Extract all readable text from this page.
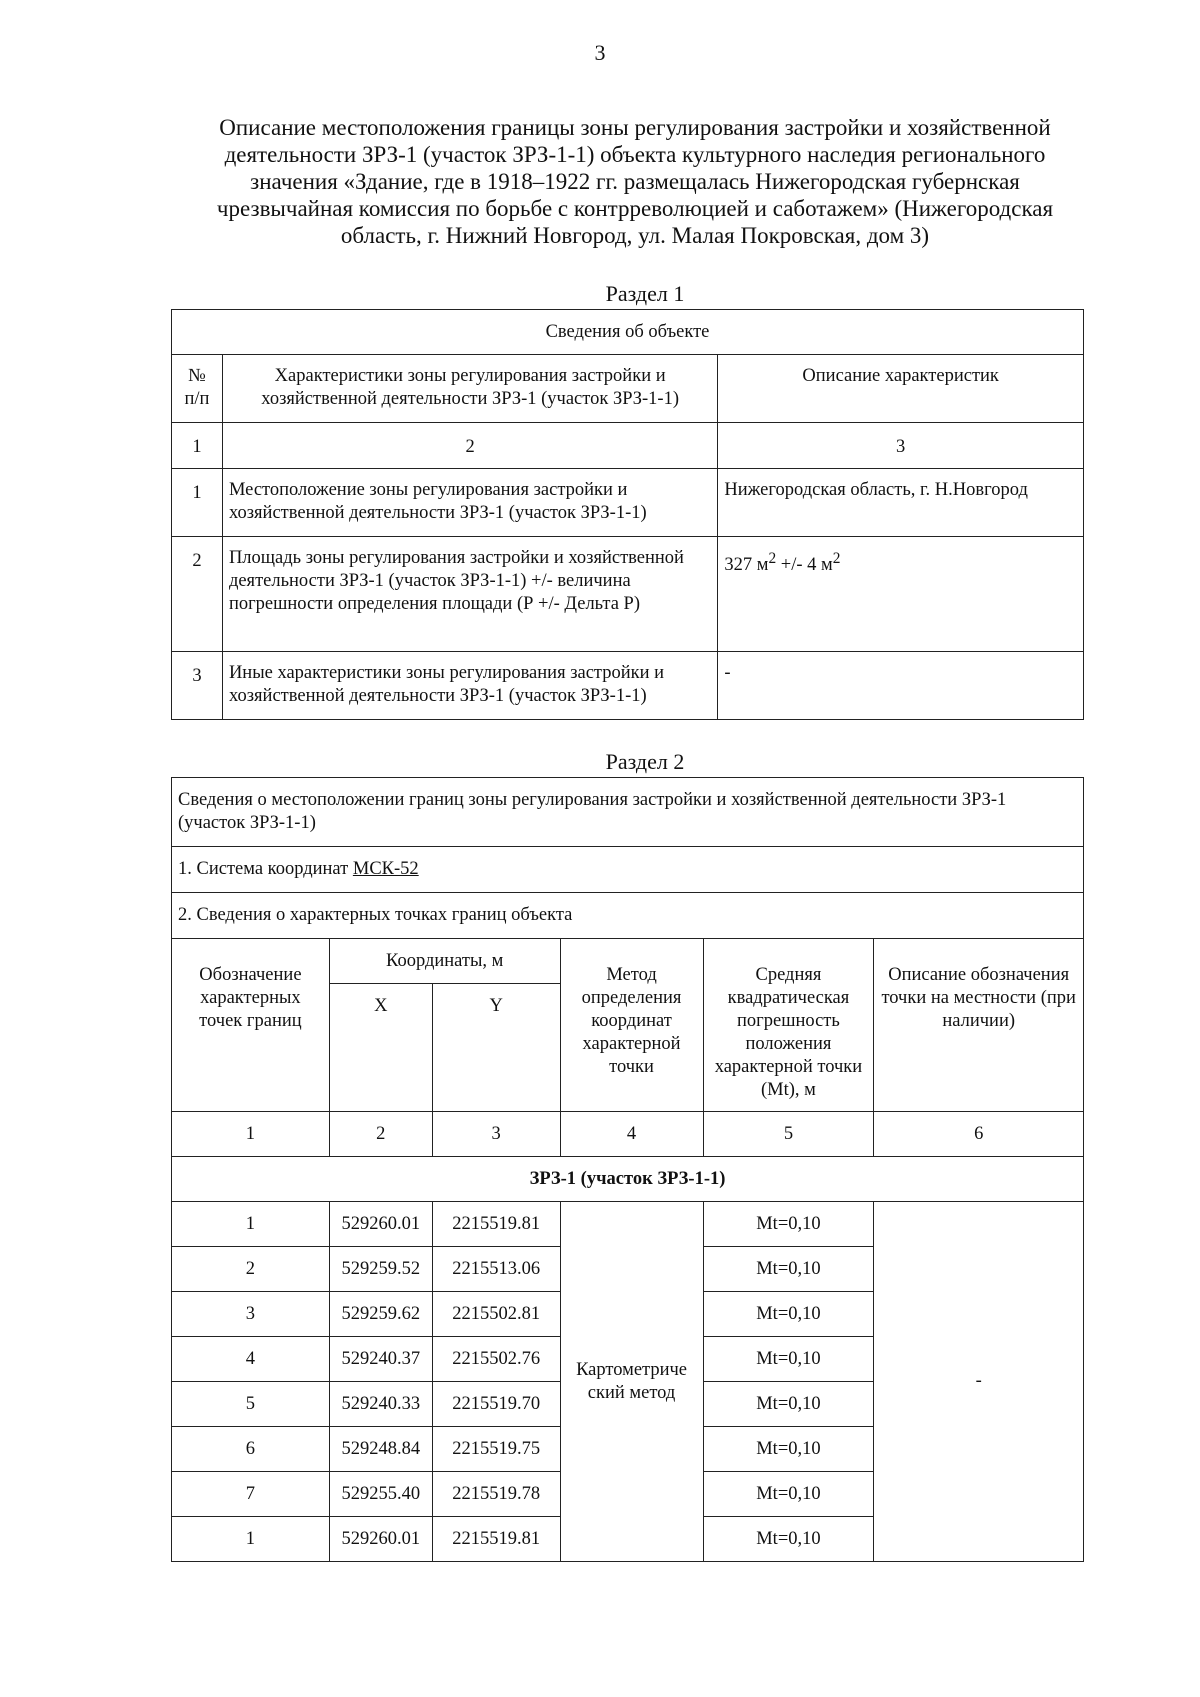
3
Описание местоположения границы зоны регулирования застройки и хозяйственной
деятельности ЗРЗ-1 (участок ЗРЗ-1-1) объекта культурного наследия регионального
значения «Здание, где в 1918–1922 гг. размещалась Нижегородская губернская
чрезвычайная комиссия по борьбе с контрреволюцией и саботажем» (Нижегородская
область, г. Нижний Новгород, ул. Малая Покровская, дом 3)
Раздел 1
Сведения об объекте		

№
п/п	Характеристики зоны регулирования застройки и хозяйственной деятельности ЗРЗ-1 (участок ЗРЗ-1-1)	Описание характеристик
1	2	3
1	Местоположение зоны регулирования застройки и хозяйственной деятельности ЗРЗ-1 (участок ЗРЗ-1-1)	Нижегородская область, г. Н.Новгород
2	Площадь зоны регулирования застройки и хозяйственной деятельности ЗРЗ-1 (участок ЗРЗ-1-1) +/- величина погрешности определения площади (Р +/- Дельта Р)	327 $м^2$ +/- 4 $м^2$
3	Иные характеристики зоны регулирования застройки и хозяйственной деятельности ЗРЗ-1 (участок ЗРЗ-1-1)	-
Раздел 2
Сведения о местоположении границ зоны регулирования застройки и хозяйственной деятельности ЗРЗ-1 (участок ЗРЗ-1-1)					
1. Система координат МСК-52					
2. Сведения о характерных точках границ объекта					
Обозначение характерных точек границ	Координаты, м		Метод определения координат характерной точки	Средняя квадратическая погрешность положения характерной точки (Mt), м	Описание обозначения точки на местности (при наличии)
	X	Y			
1	2	3	4	5	6
ЗРЗ-1 (участок ЗРЗ-1-1)					
1	529260.01	2215519.81	Картометриче ский метод	Mt=0,10	-
2	529259.52	2215513.06		Mt=0,10	
3	529259.62	2215502.81		Mt=0,10	
4	529240.37	2215502.76		Mt=0,10	
5	529240.33	2215519.70		Mt=0,10	
6	529248.84	2215519.75		Mt=0,10	
7	529255.40	2215519.78		Mt=0,10	
1	529260.01	2215519.81		Mt=0,10	
